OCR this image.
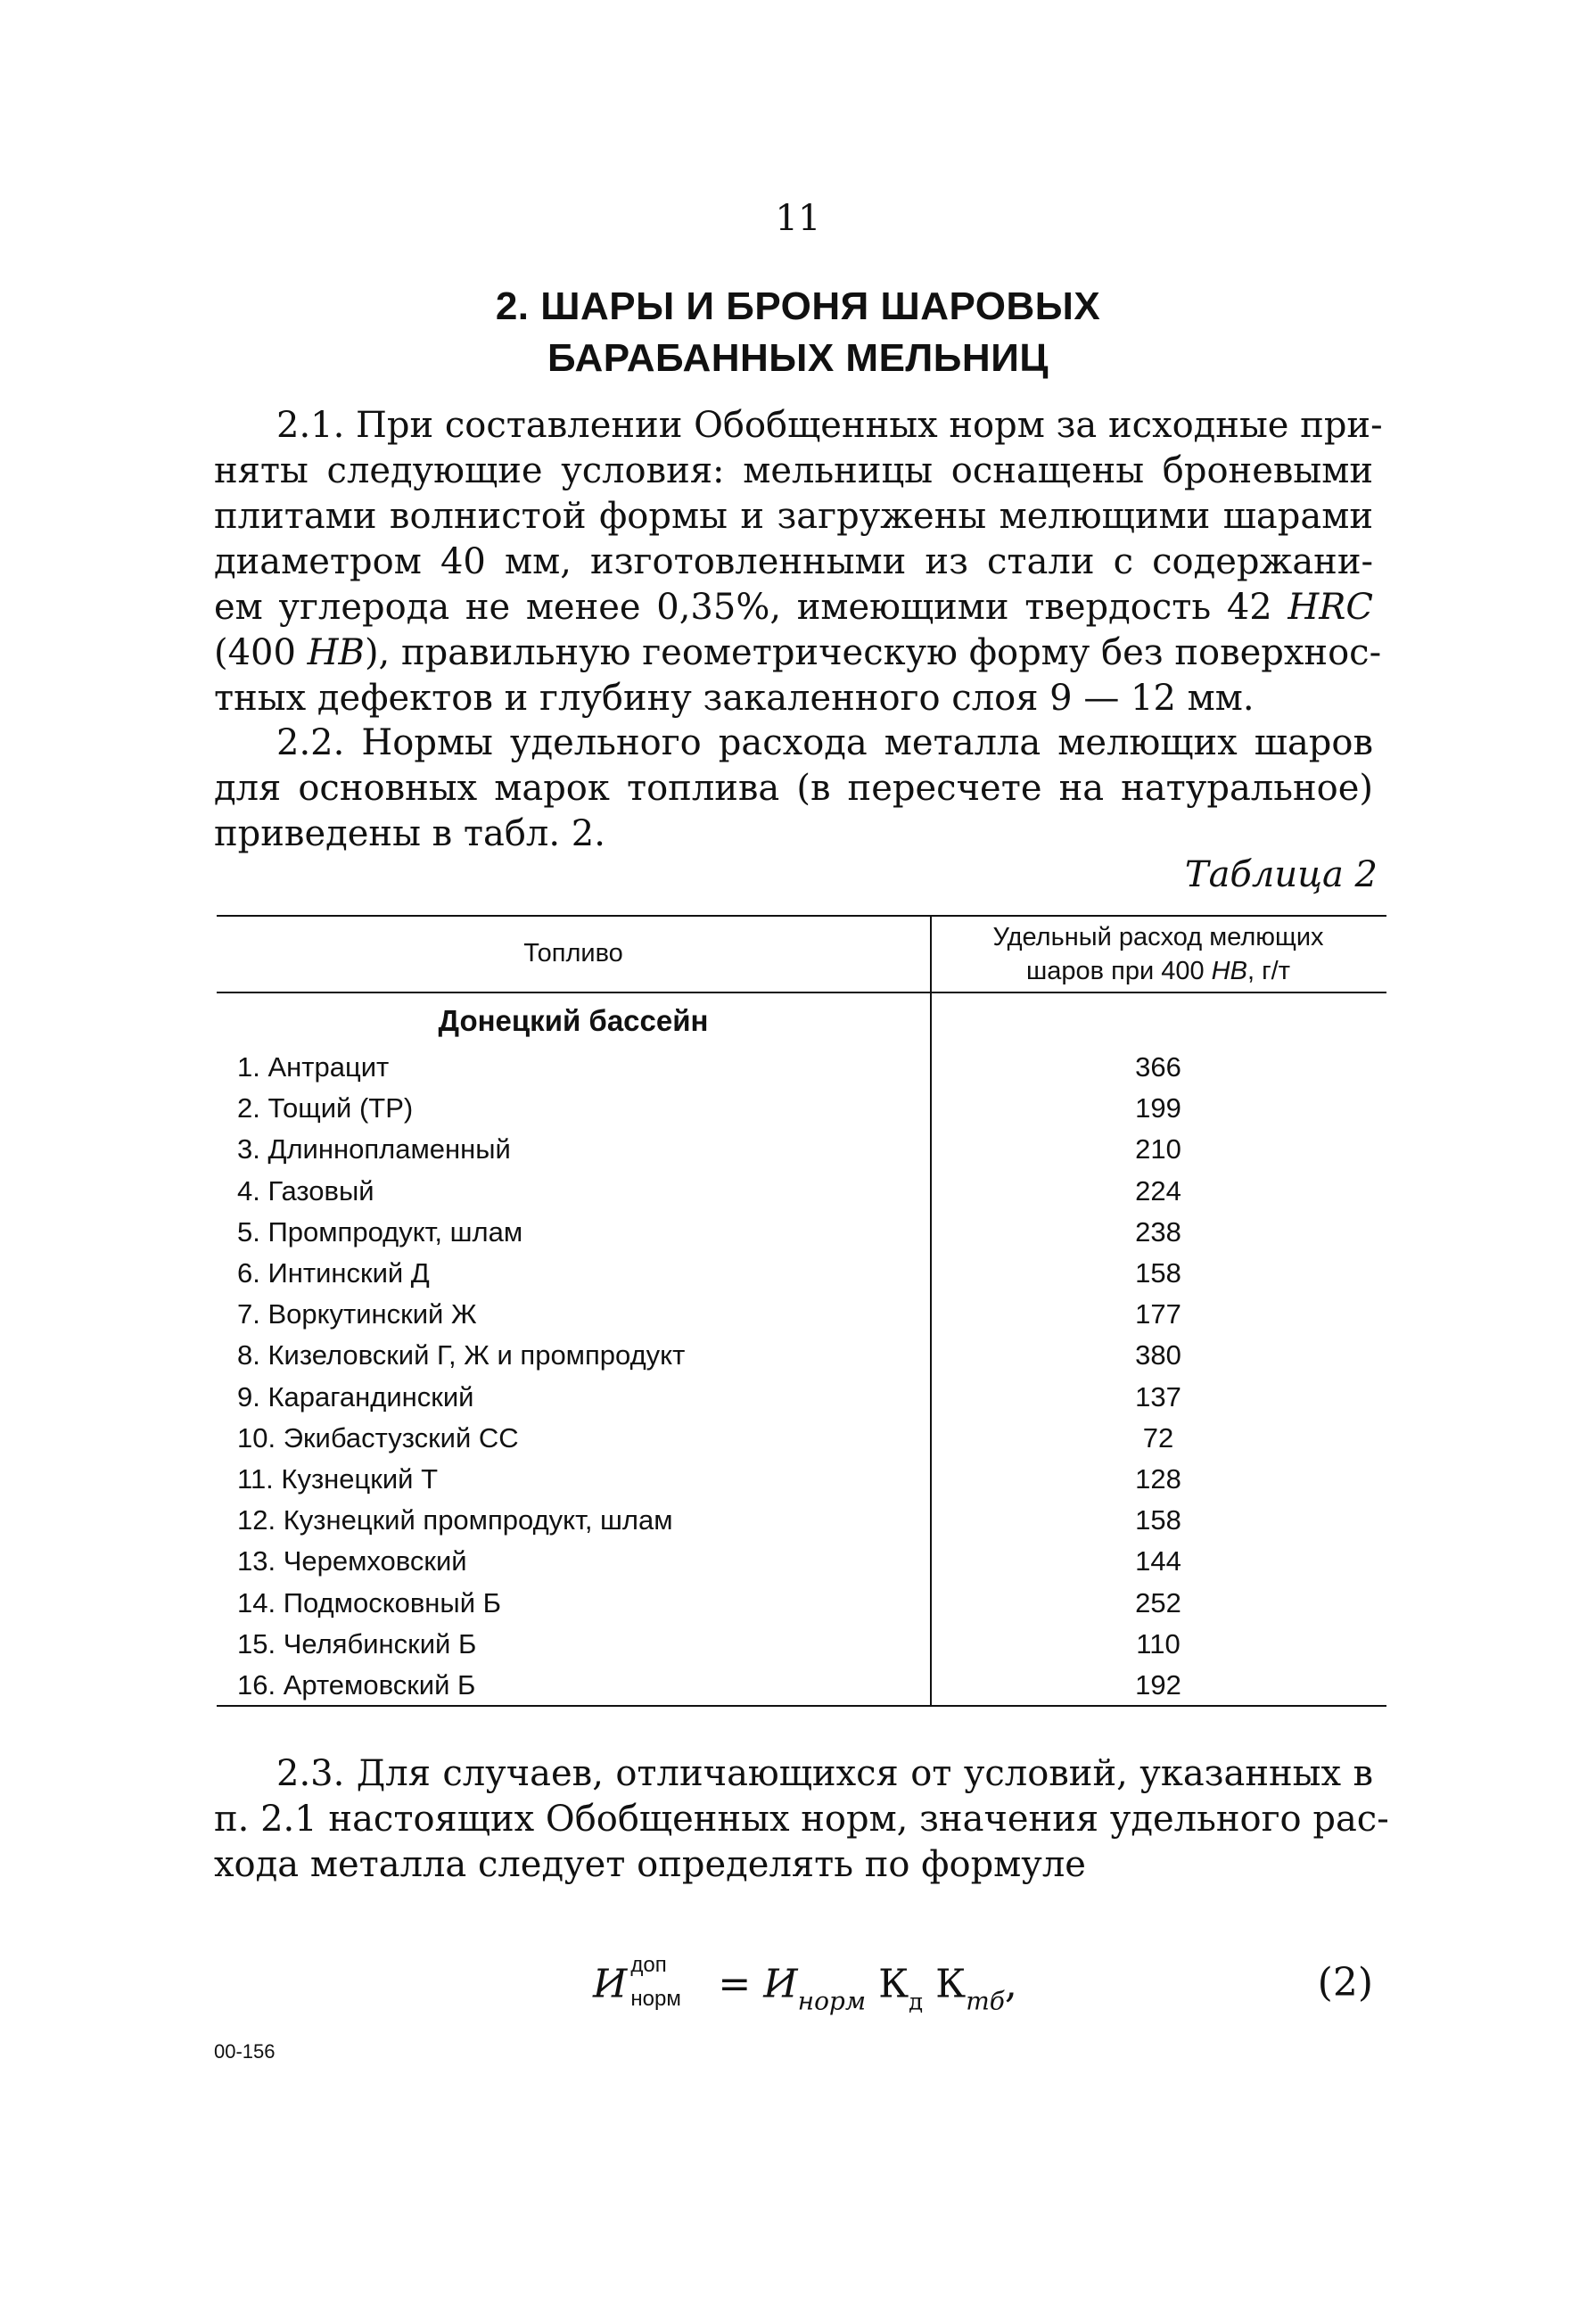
11
2. ШАРЫ И БРОНЯ ШАРОВЫХ
БАРАБАННЫХ МЕЛЬНИЦ
2.1. При составлении Обобщенных норм за исходные при-
няты следующие условия: мельницы оснащены броневыми
плитами волнистой формы и загружены мелющими шарами
диаметром 40 мм, изготовленными из стали с содержани-
ем углерода не менее 0,35%, имеющими твердость 42 HRC
(400 HB), правильную геометрическую форму без поверхнос-
тных дефектов и глубину закаленного слоя 9 — 12 мм.
2.2. Нормы удельного расхода металла мелющих шаров
для основных марок топлива (в пересчете на натуральное)
приведены в табл. 2.
Таблица 2
Топливо
Удельный расход мелющих
шаров при 400 HB, г/т
Донецкий бассейн
1. Антрацит	366
2. Тощий (ТР)	199
3. Длиннопламенный	210
4. Газовый	224
5. Промпродукт, шлам	238
6. Интинский Д	158
7. Воркутинский Ж	177
8. Кизеловский Г, Ж и промпродукт	380
9. Карагандинский	137
10. Экибастузский СС	72
11. Кузнецкий Т	128
12. Кузнецкий промпродукт, шлам	158
13. Черемховский	144
14. Подмосковный Б	252
15. Челябинский Б	110
16. Артемовский Б	192
2.3. Для случаев, отличающихся от условий, указанных в
п. 2.1 настоящих Обобщенных норм, значения удельного рас-
хода металла следует определять по формуле
И доп
норм = $И_{норм}$ $К_д$ $К_{тб}$,	(2)
00-156
